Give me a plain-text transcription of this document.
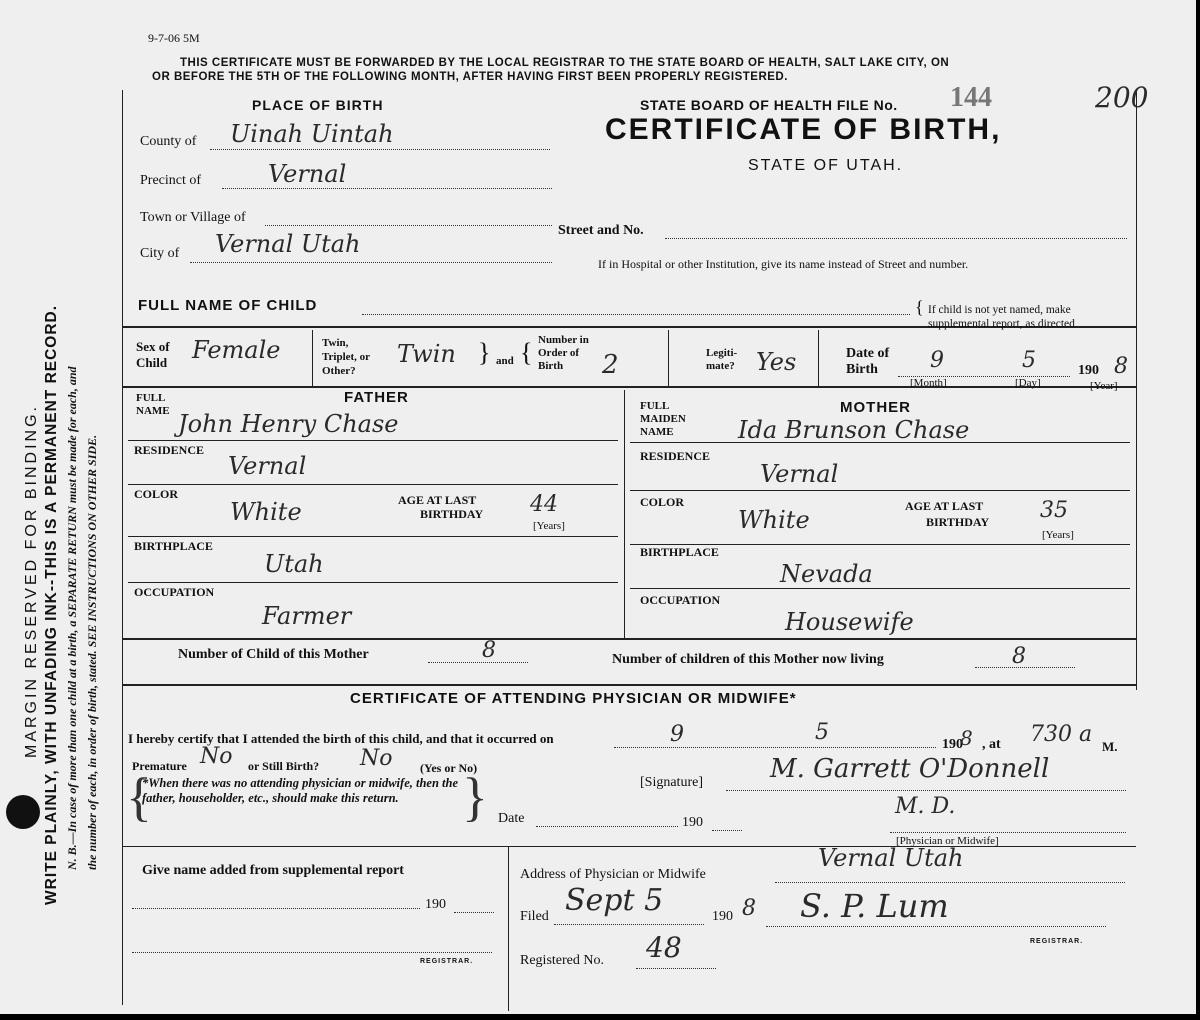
9-7-06 5M
THIS CERTIFICATE MUST BE FORWARDED BY THE LOCAL REGISTRAR TO THE STATE BOARD OF HEALTH, SALT LAKE CITY, ON
OR BEFORE THE 5TH OF THE FOLLOWING MONTH, AFTER HAVING FIRST BEEN PROPERLY REGISTERED.
MARGIN RESERVED FOR BINDING. WRITE PLAINLY, WITH UNFADING INK--THIS IS A PERMANENT RECORD. N. B.—In case of more than one child at a birth, a SEPARATE RETURN must be made for each, and the number of each, in order of birth, stated. SEE INSTRUCTIONS ON OTHER SIDE.
PLACE OF BIRTH
County of Uinah Uintah
Precinct of	Vernal
Town or Village of
City of Vernal Utah
STATE BOARD OF HEALTH FILE No. 144	200
CERTIFICATE OF BIRTH,
STATE OF UTAH.
Street and No.
If in Hospital or other Institution, give its name instead of Street and number.
FULL NAME OF CHILD	{ If child is not yet named, make supplemental report, as directed
Sex of Child	Female	Twin, Triplet, or Other?
Twin } and { Number in Order of Birth	2	Legiti- mate? Yes	Date of Birth	9	5	190 8
[Month]	[Day]	[Year]
FATHER
FULL NAME John Henry Chase
RESIDENCE
Vernal
COLOR
White	AGE AT LAST
BIRTHDAY 44
[Years]
BIRTHPLACE
Utah
OCCUPATION
Farmer
MOTHER
FULL MAIDEN NAME	Ida Brunson Chase
RESIDENCE
Vernal
COLOR
White	AGE AT LAST
BIRTHDAY 35
[Years]
BIRTHPLACE
Nevada
OCCUPATION
Housewife
Number of Child of this Mother	8	Number of children of this Mother now living	8
CERTIFICATE OF ATTENDING PHYSICIAN OR MIDWIFE*
I hereby certify that I attended the birth of this child, and that it occurred on	9	5	190
8 , at 730 a M.
Premature No or Still Birth? No (Yes or No)
{
*When there was no attending physician or midwife, then the father, householder, etc., should make this return.	}	[Signature]	M. Garrett O'Donnell
M. D.
[Physician or Midwife]
Date	190
Give name added from supplemental report
190
REGISTRAR.
Address of Physician or Midwife
Vernal Utah
Filed Sept 5	190 8 S. P. Lum
REGISTRAR.
Registered No. 48
